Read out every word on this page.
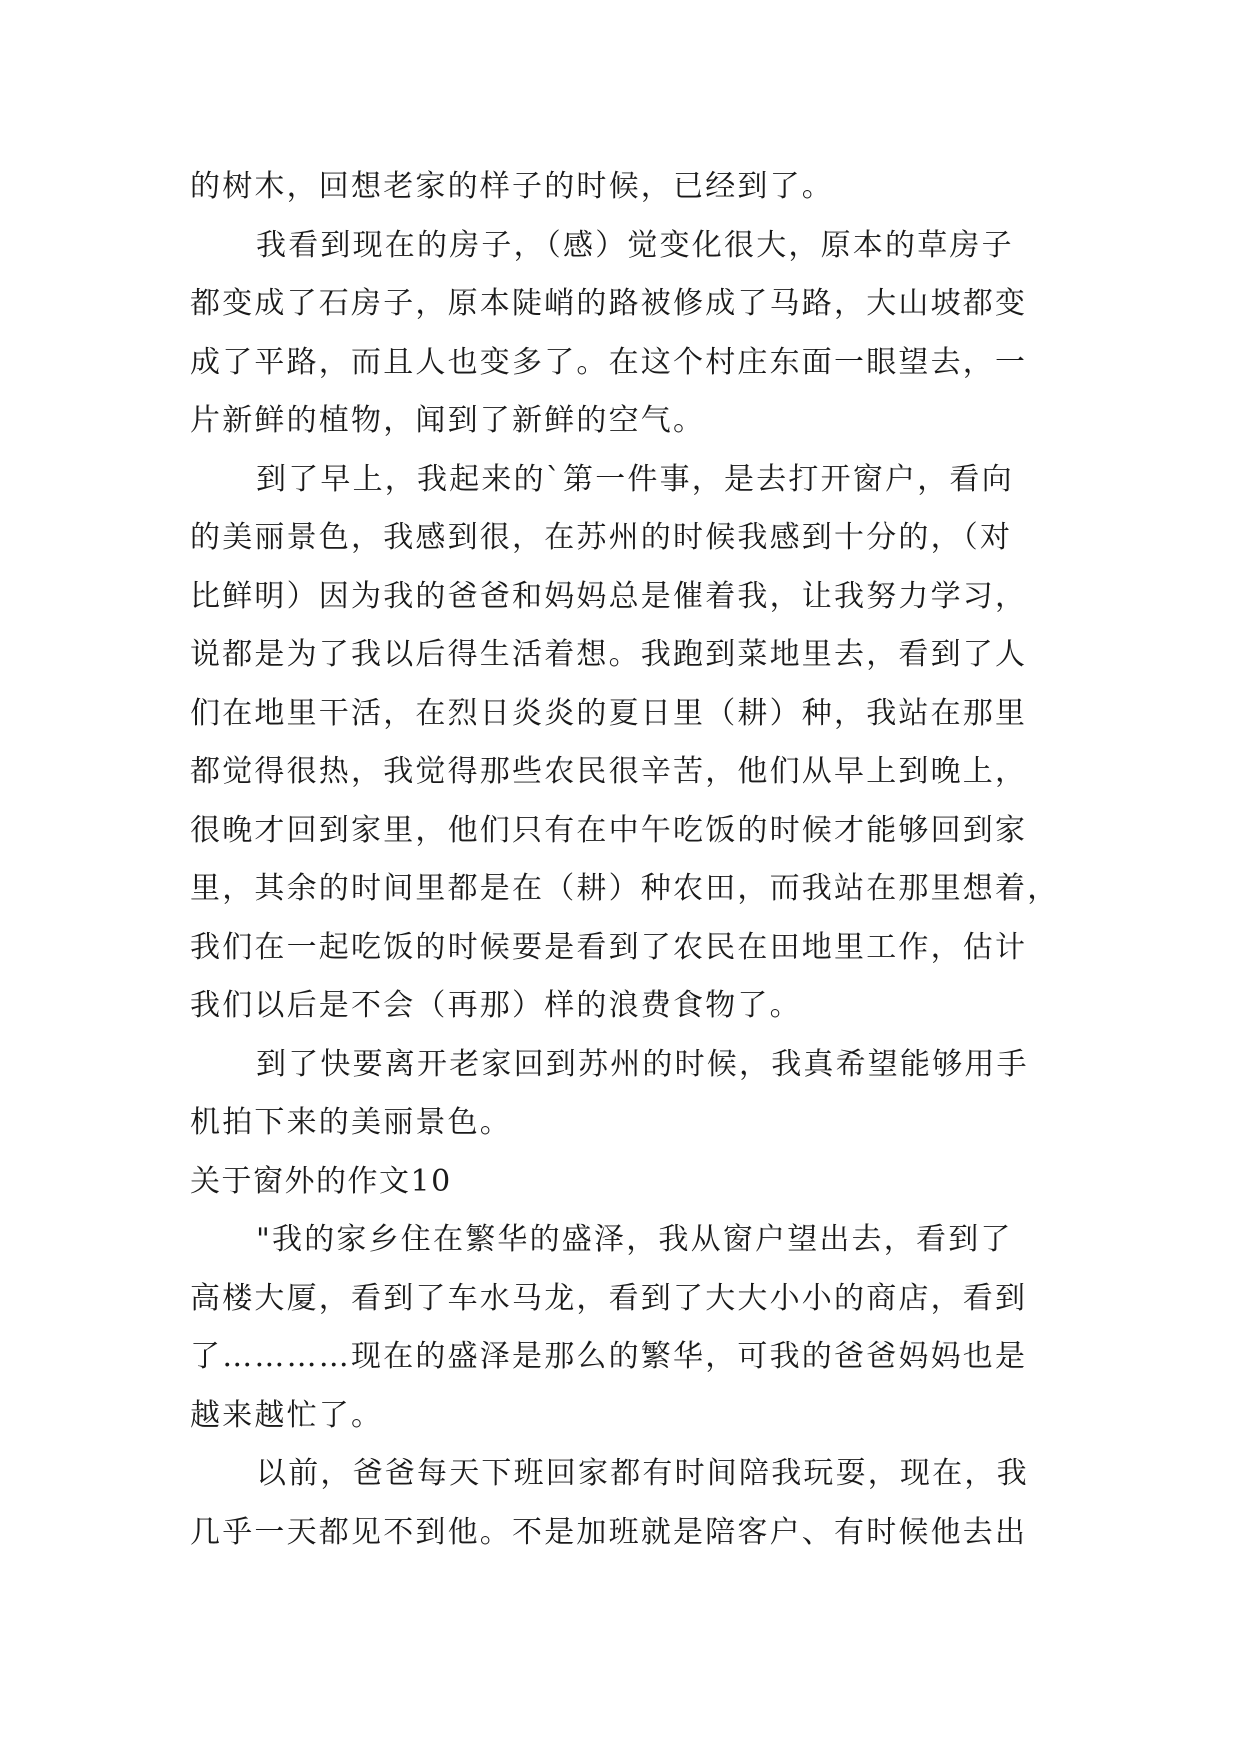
的树木，回想老家的样子的时候，已经到了。
我看到现在的房子，（感）觉变化很大，原本的草房子
都变成了石房子，原本陡峭的路被修成了马路，大山坡都变
成了平路，而且人也变多了。在这个村庄东面一眼望去，一
片新鲜的植物，闻到了新鲜的空气。
到了早上，我起来的`第一件事，是去打开窗户，看向
的美丽景色，我感到很，在苏州的时候我感到十分的，（对
比鲜明）因为我的爸爸和妈妈总是催着我，让我努力学习，
说都是为了我以后得生活着想。我跑到菜地里去，看到了人
们在地里干活，在烈日炎炎的夏日里（耕）种，我站在那里
都觉得很热，我觉得那些农民很辛苦，他们从早上到晚上，
很晚才回到家里，他们只有在中午吃饭的时候才能够回到家
里，其余的时间里都是在（耕）种农田，而我站在那里想着，
我们在一起吃饭的时候要是看到了农民在田地里工作，估计
我们以后是不会（再那）样的浪费食物了。
到了快要离开老家回到苏州的时候，我真希望能够用手
机拍下来的美丽景色。
关于窗外的作文10
"我的家乡住在繁华的盛泽，我从窗户望出去，看到了
高楼大厦，看到了车水马龙，看到了大大小小的商店，看到
了…………现在的盛泽是那么的繁华，可我的爸爸妈妈也是
越来越忙了。
以前，爸爸每天下班回家都有时间陪我玩耍，现在，我
几乎一天都见不到他。不是加班就是陪客户、有时候他去出
